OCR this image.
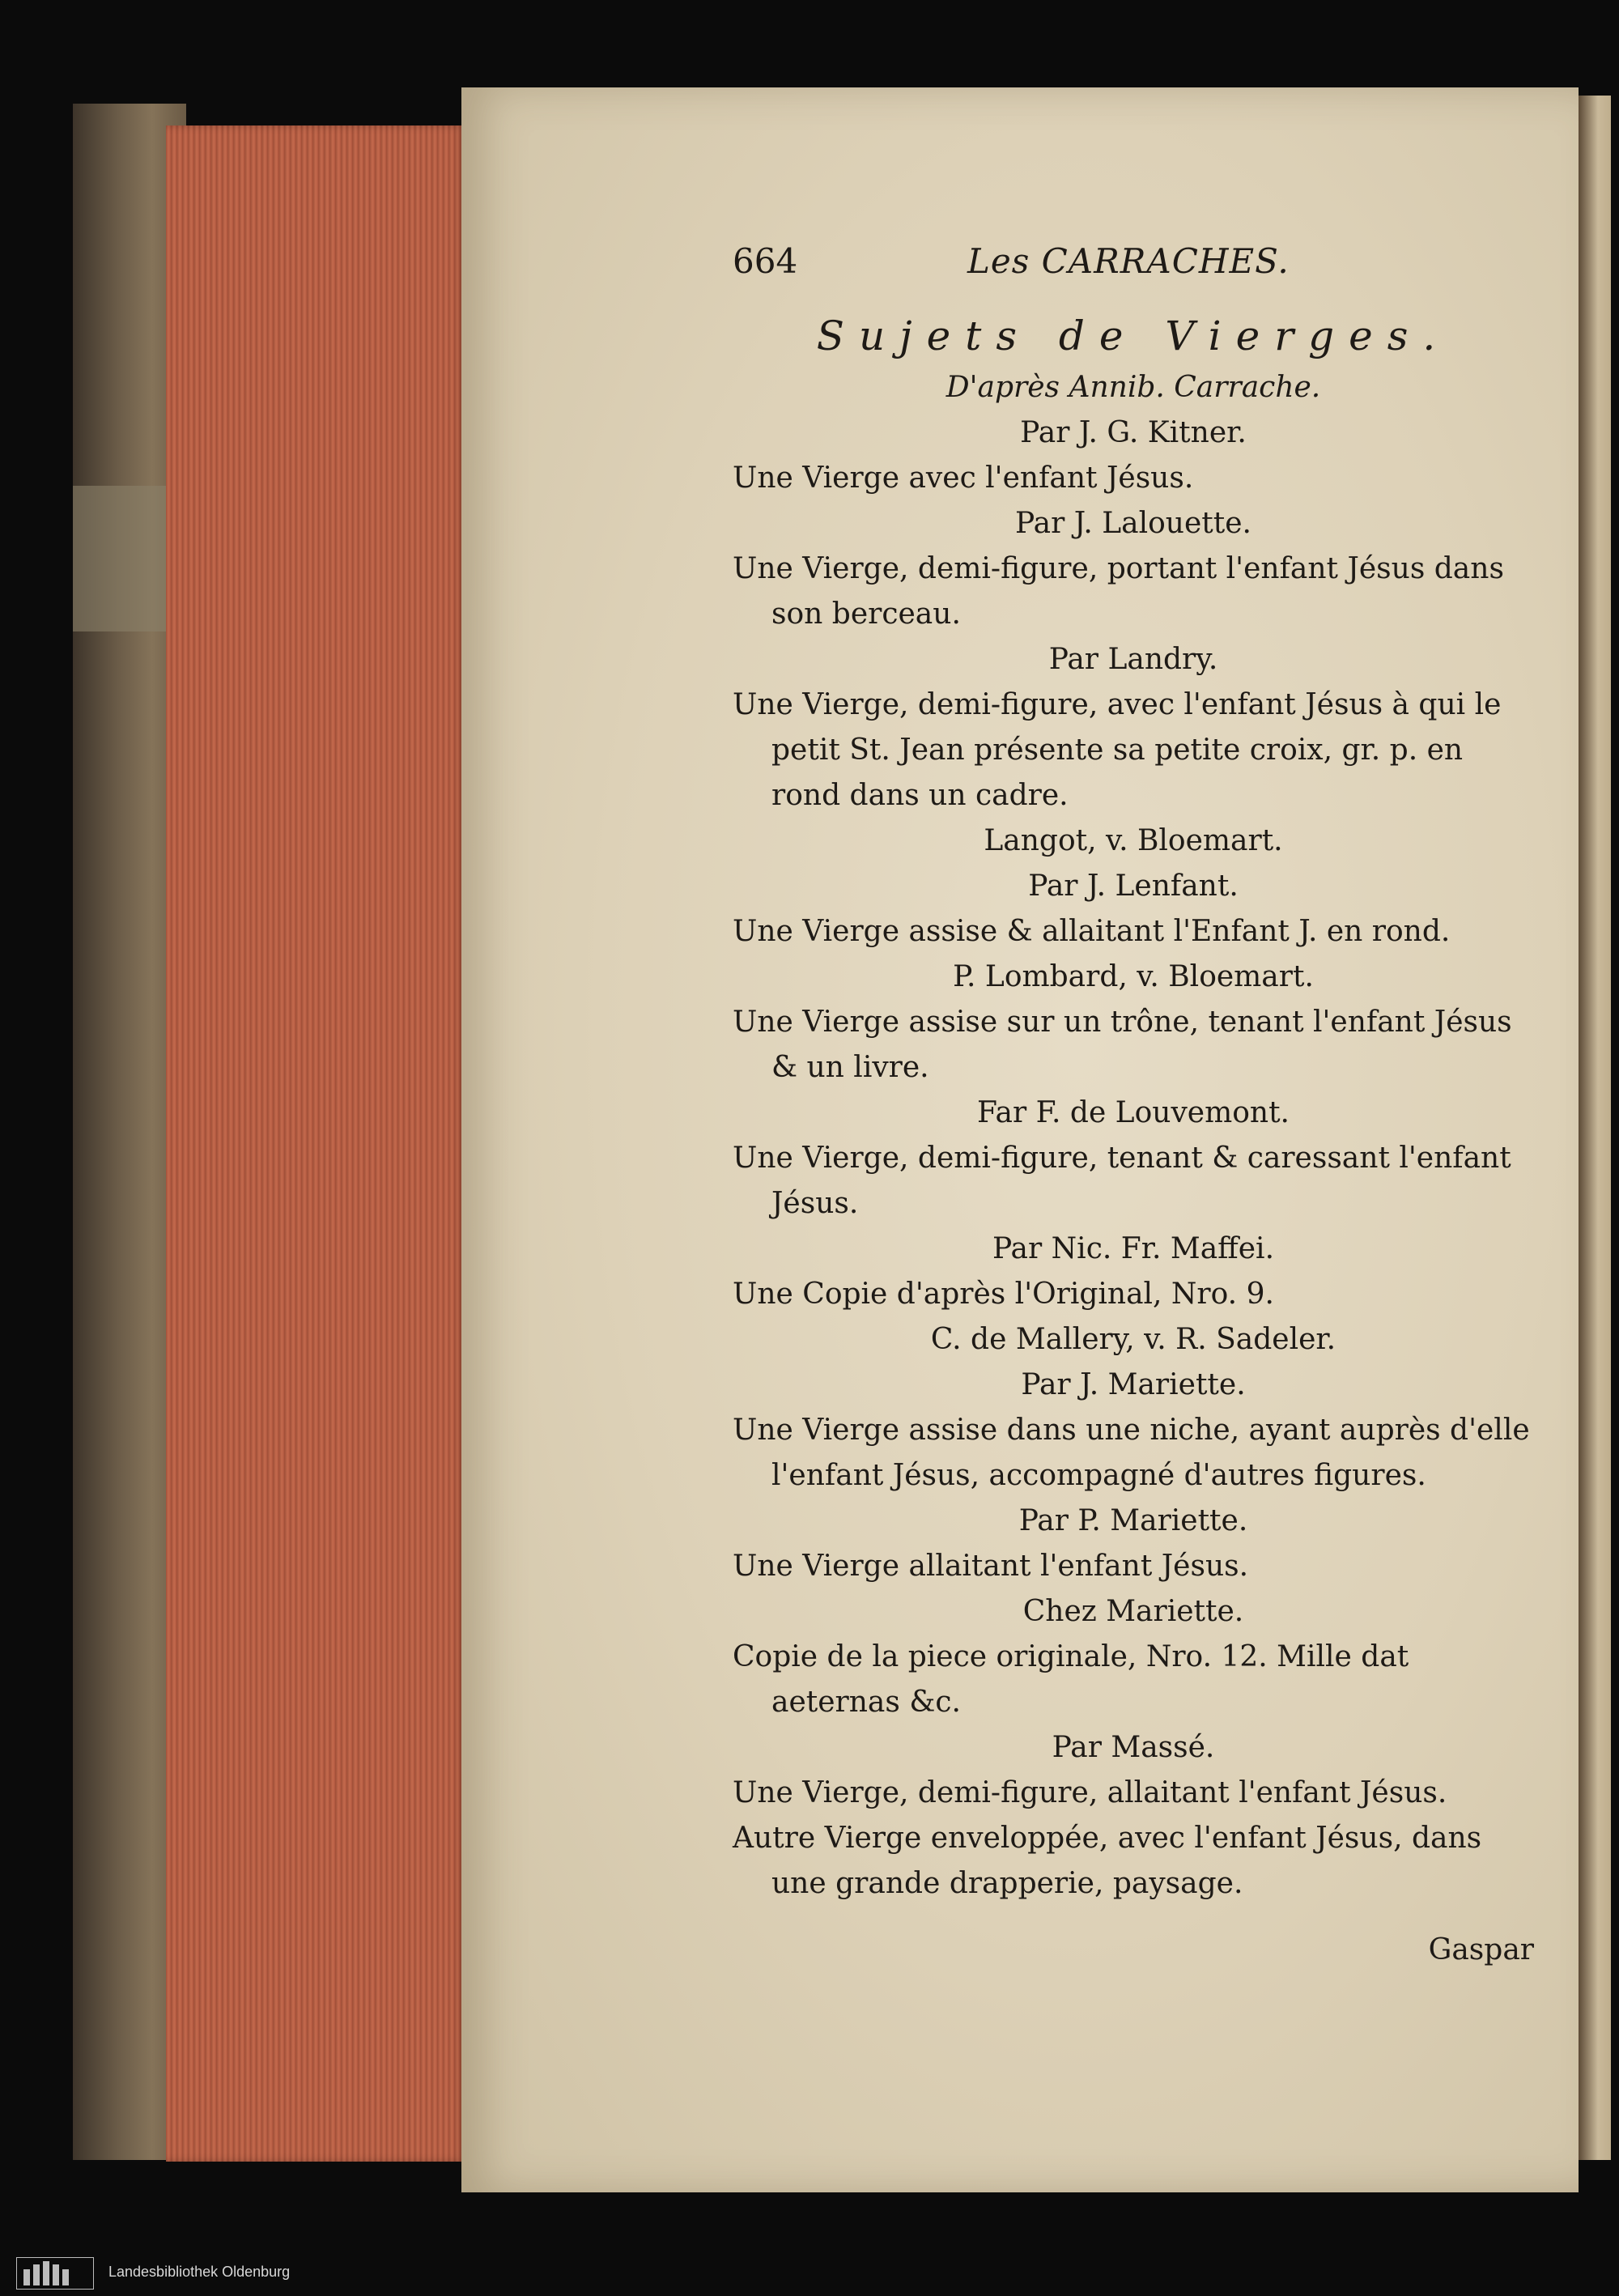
664	Les CARRACHES.
Sujets de Vierges.
D'après Annib. Carrache.
Par J. G. Kitner.
Une Vierge avec l'enfant Jésus.
Par J. Lalouette.
Une Vierge, demi-figure, portant l'enfant Jésus dans son berceau.
Par Landry.
Une Vierge, demi-figure, avec l'enfant Jésus à qui le petit St. Jean présente sa petite croix, gr. p. en rond dans un cadre.
Langot, v. Bloemart.
Par J. Lenfant.
Une Vierge assise & allaitant l'Enfant J. en rond.
P. Lombard, v. Bloemart.
Une Vierge assise sur un trône, tenant l'enfant Jésus & un livre.
Far F. de Louvemont.
Une Vierge, demi-figure, tenant & caressant l'enfant Jésus.
Par Nic. Fr. Maffei.
Une Copie d'après l'Original, Nro. 9.
C. de Mallery, v. R. Sadeler.
Par J. Mariette.
Une Vierge assise dans une niche, ayant auprès d'elle l'enfant Jésus, accompagné d'autres figures.
Par P. Mariette.
Une Vierge allaitant l'enfant Jésus.
Chez Mariette.
Copie de la piece originale, Nro. 12. Mille dat aeternas &c.
Par Massé.
Une Vierge, demi-figure, allaitant l'enfant Jésus.
Autre Vierge enveloppée, avec l'enfant Jésus, dans une grande drapperie, paysage.
Gaspar
Landesbibliothek Oldenburg
